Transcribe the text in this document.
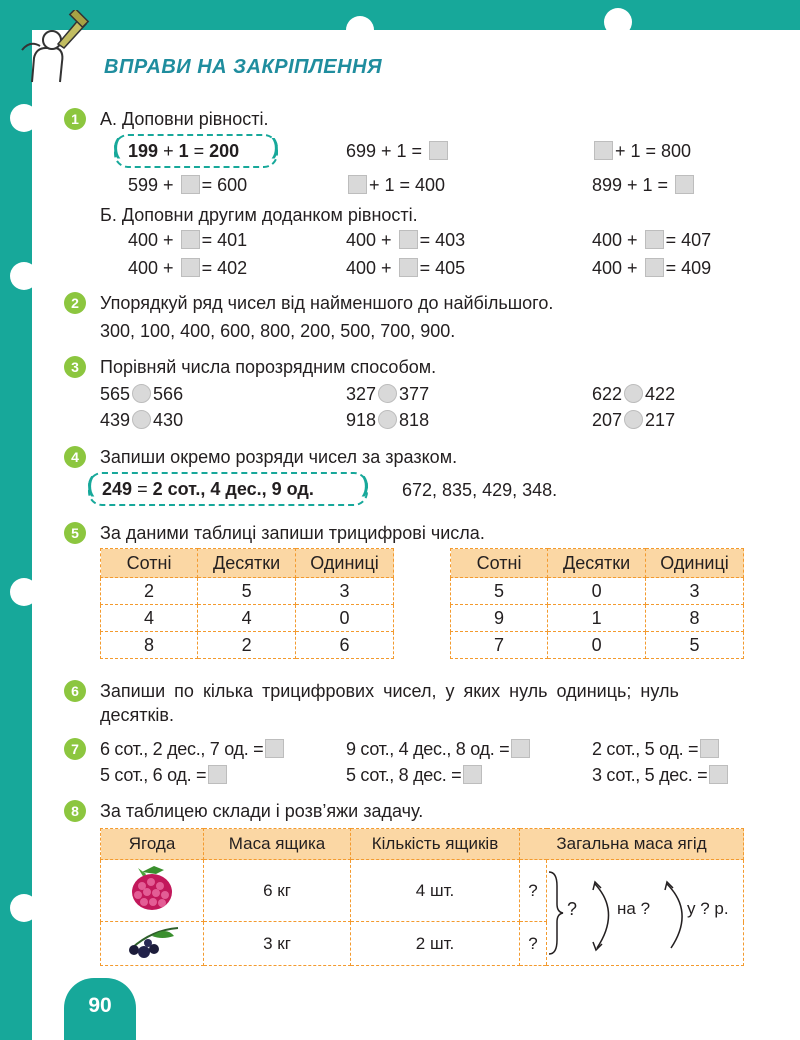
ВПРАВИ НА ЗАКРІПЛЕННЯ
1	А. Доповни рівності.
(	)
199 + 1 = 200	699 + 1 =	+ 1 = 800
599 + = 600	+ 1 = 400	899 + 1 =
Б. Доповни другим доданком рівності.
400 + = 401	400 + = 403	400 + = 407
400 + = 402	400 + = 405	400 + = 409
2	Упорядкуй ряд чисел від найменшого до найбільшого.
300, 100, 400, 600, 800, 200, 500, 700, 900.
3	Порівняй числа порозрядним способом.
565 566	327 377	622 422
439 430	918 818	207 217
4	Запиши окремо розряди чисел за зразком.
(	)
249 = 2 сот., 4 дес., 9 од.	672, 835, 429, 348.
5	За даними таблиці запиши трицифрові числа.
Сотні	Десятки	Одиниці
2	5	3
4	4	0
8	2	6
Сотні	Десятки	Одиниці
5	0	3
9	1	8
7	0	5
6	Запиши по кілька трицифрових чисел, у яких нуль одиниць; нуль
десятків.
7	6 сот., 2 дес., 7 од. =	9 сот., 4 дес., 8 од. =	2 сот., 5 од. =
5 сот., 6 од. =	5 сот., 8 дес. =	3 сот., 5 дес. =
8	За таблицею склади і розв’яжи задачу.
Ягода	Маса ящика	Кількість ящиків	Загальна маса ягід	
	6 кг	4 шт.	?	? на ? у ? р.

	3 кг	2 шт.	?	
90
